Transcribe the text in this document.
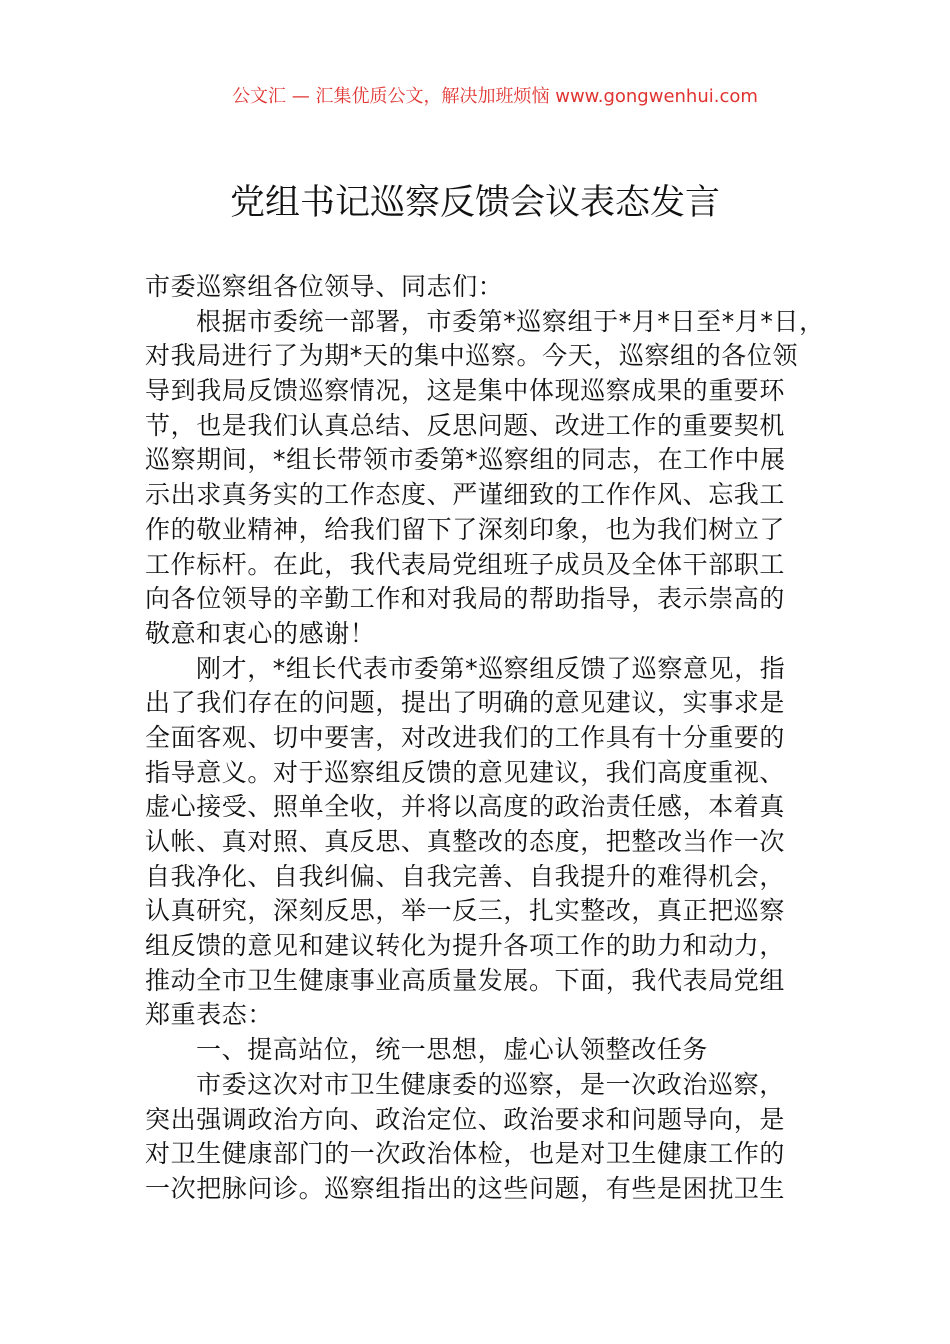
公文汇 — 汇集优质公文，解决加班烦恼 www.gongwenhui.com
党组书记巡察反馈会议表态发言
市委巡察组各位领导、同志们：
根据市委统一部署，市委第*巡察组于*月*日至*月*日，
对我局进行了为期*天的集中巡察。今天，巡察组的各位领
导到我局反馈巡察情况，这是集中体现巡察成果的重要环
节，也是我们认真总结、反思问题、改进工作的重要契机
巡察期间，*组长带领市委第*巡察组的同志，在工作中展
示出求真务实的工作态度、严谨细致的工作作风、忘我工
作的敬业精神，给我们留下了深刻印象，也为我们树立了
工作标杆。在此，我代表局党组班子成员及全体干部职工
向各位领导的辛勤工作和对我局的帮助指导，表示崇高的
敬意和衷心的感谢！
刚才，*组长代表市委第*巡察组反馈了巡察意见，指
出了我们存在的问题，提出了明确的意见建议，实事求是
全面客观、切中要害，对改进我们的工作具有十分重要的
指导意义。对于巡察组反馈的意见建议，我们高度重视、
虚心接受、照单全收，并将以高度的政治责任感，本着真
认帐、真对照、真反思、真整改的态度，把整改当作一次
自我净化、自我纠偏、自我完善、自我提升的难得机会，
认真研究，深刻反思，举一反三，扎实整改，真正把巡察
组反馈的意见和建议转化为提升各项工作的助力和动力，
推动全市卫生健康事业高质量发展。下面，我代表局党组
郑重表态：
一、提高站位，统一思想，虚心认领整改任务
市委这次对市卫生健康委的巡察，是一次政治巡察，
突出强调政治方向、政治定位、政治要求和问题导向，是
对卫生健康部门的一次政治体检，也是对卫生健康工作的
一次把脉问诊。巡察组指出的这些问题，有些是困扰卫生
